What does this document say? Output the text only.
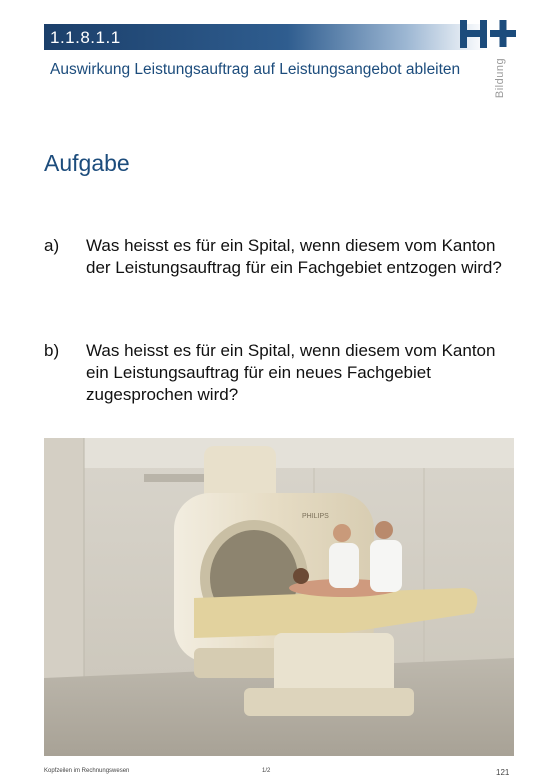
1.1.8.1.1
Bildung
Auswirkung Leistungsauftrag auf Leistungsangebot ableiten
Aufgabe
a) Was heisst es für ein Spital, wenn diesem vom Kanton der Leistungsauftrag für ein Fachgebiet entzogen wird?
b) Was heisst es für ein Spital, wenn diesem vom Kanton ein Leistungsauftrag für ein neues Fachgebiet zugesprochen wird?
PHILIPS
Kopfzeilen im Rechnungswesen	1/2	121
